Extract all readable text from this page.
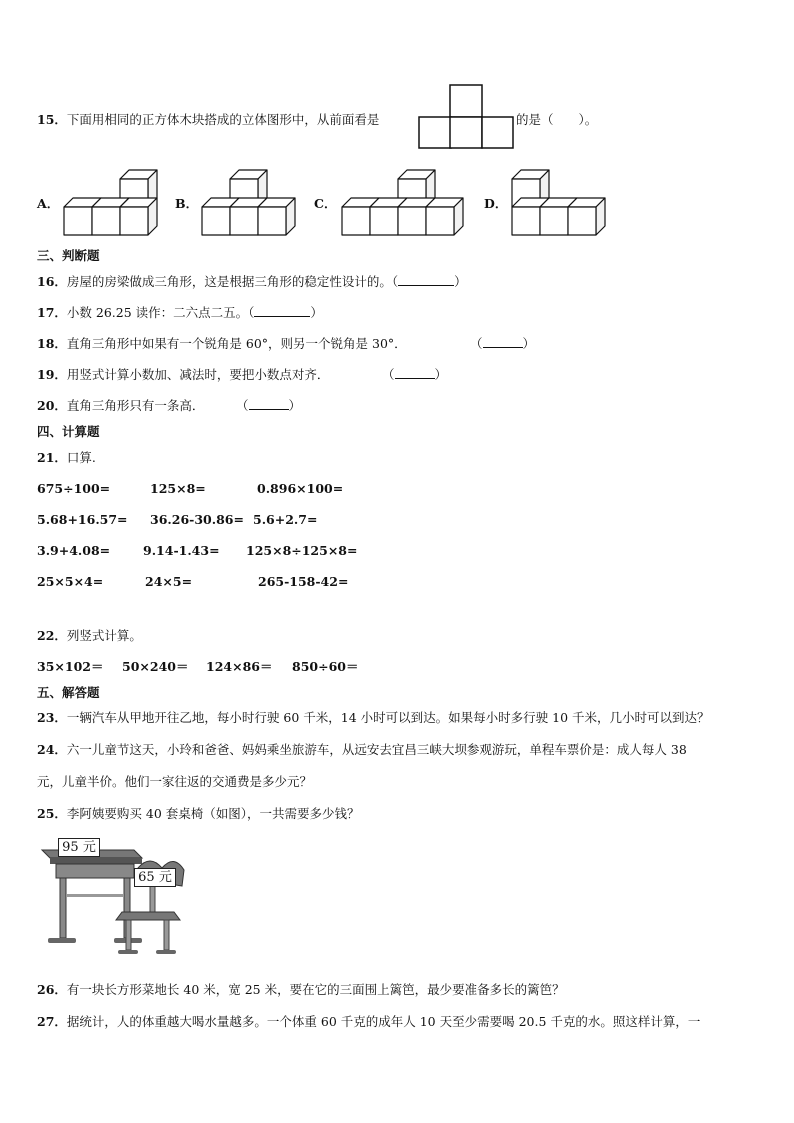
15．下面用相同的正方体木块搭成的立体图形中，从前面看是	的是（　　）。
A．	B．	C．	D．
三、判断题
16．房屋的房梁做成三角形，这是根据三角形的稳定性设计的。（	）
17．小数 26.25 读作：二六点二五。（	）
18．直角三角形中如果有一个锐角是 60°，则另一个锐角是 30°．	（	）
19．用竖式计算小数加、减法时，要把小数点对齐．	（	）
20．直角三角形只有一条高．	（	）
四、计算题
21．口算.
675÷100=	125×8=	0.896×100=
5.68+16.57= 36.26-30.86= 5.6+2.7=
3.9+4.08=	9.14-1.43= 125×8÷125×8=
25×5×4=	24×5=	265-158-42=
22．列竖式计算。
35×102＝ 50×240＝ 124×86＝ 850÷60＝
五、解答题
23．一辆汽车从甲地开往乙地，每小时行驶 60 千米，14 小时可以到达。如果每小时多行驶 10 千米，几小时可以到达？
24．六一儿童节这天，小玲和爸爸、妈妈乘坐旅游车，从远安去宜昌三峡大坝参观游玩，单程车票价是：成人每人 38
元，儿童半价。他们一家往返的交通费是多少元？
25．李阿姨要购买 40 套桌椅（如图），一共需要多少钱？
95 元
65 元
26．有一块长方形菜地长 40 米，宽 25 米，要在它的三面围上篱笆，最少要准备多长的篱笆？
27．据统计，人的体重越大喝水量越多。一个体重 60 千克的成年人 10 天至少需要喝 20.5 千克的水。照这样计算，一
